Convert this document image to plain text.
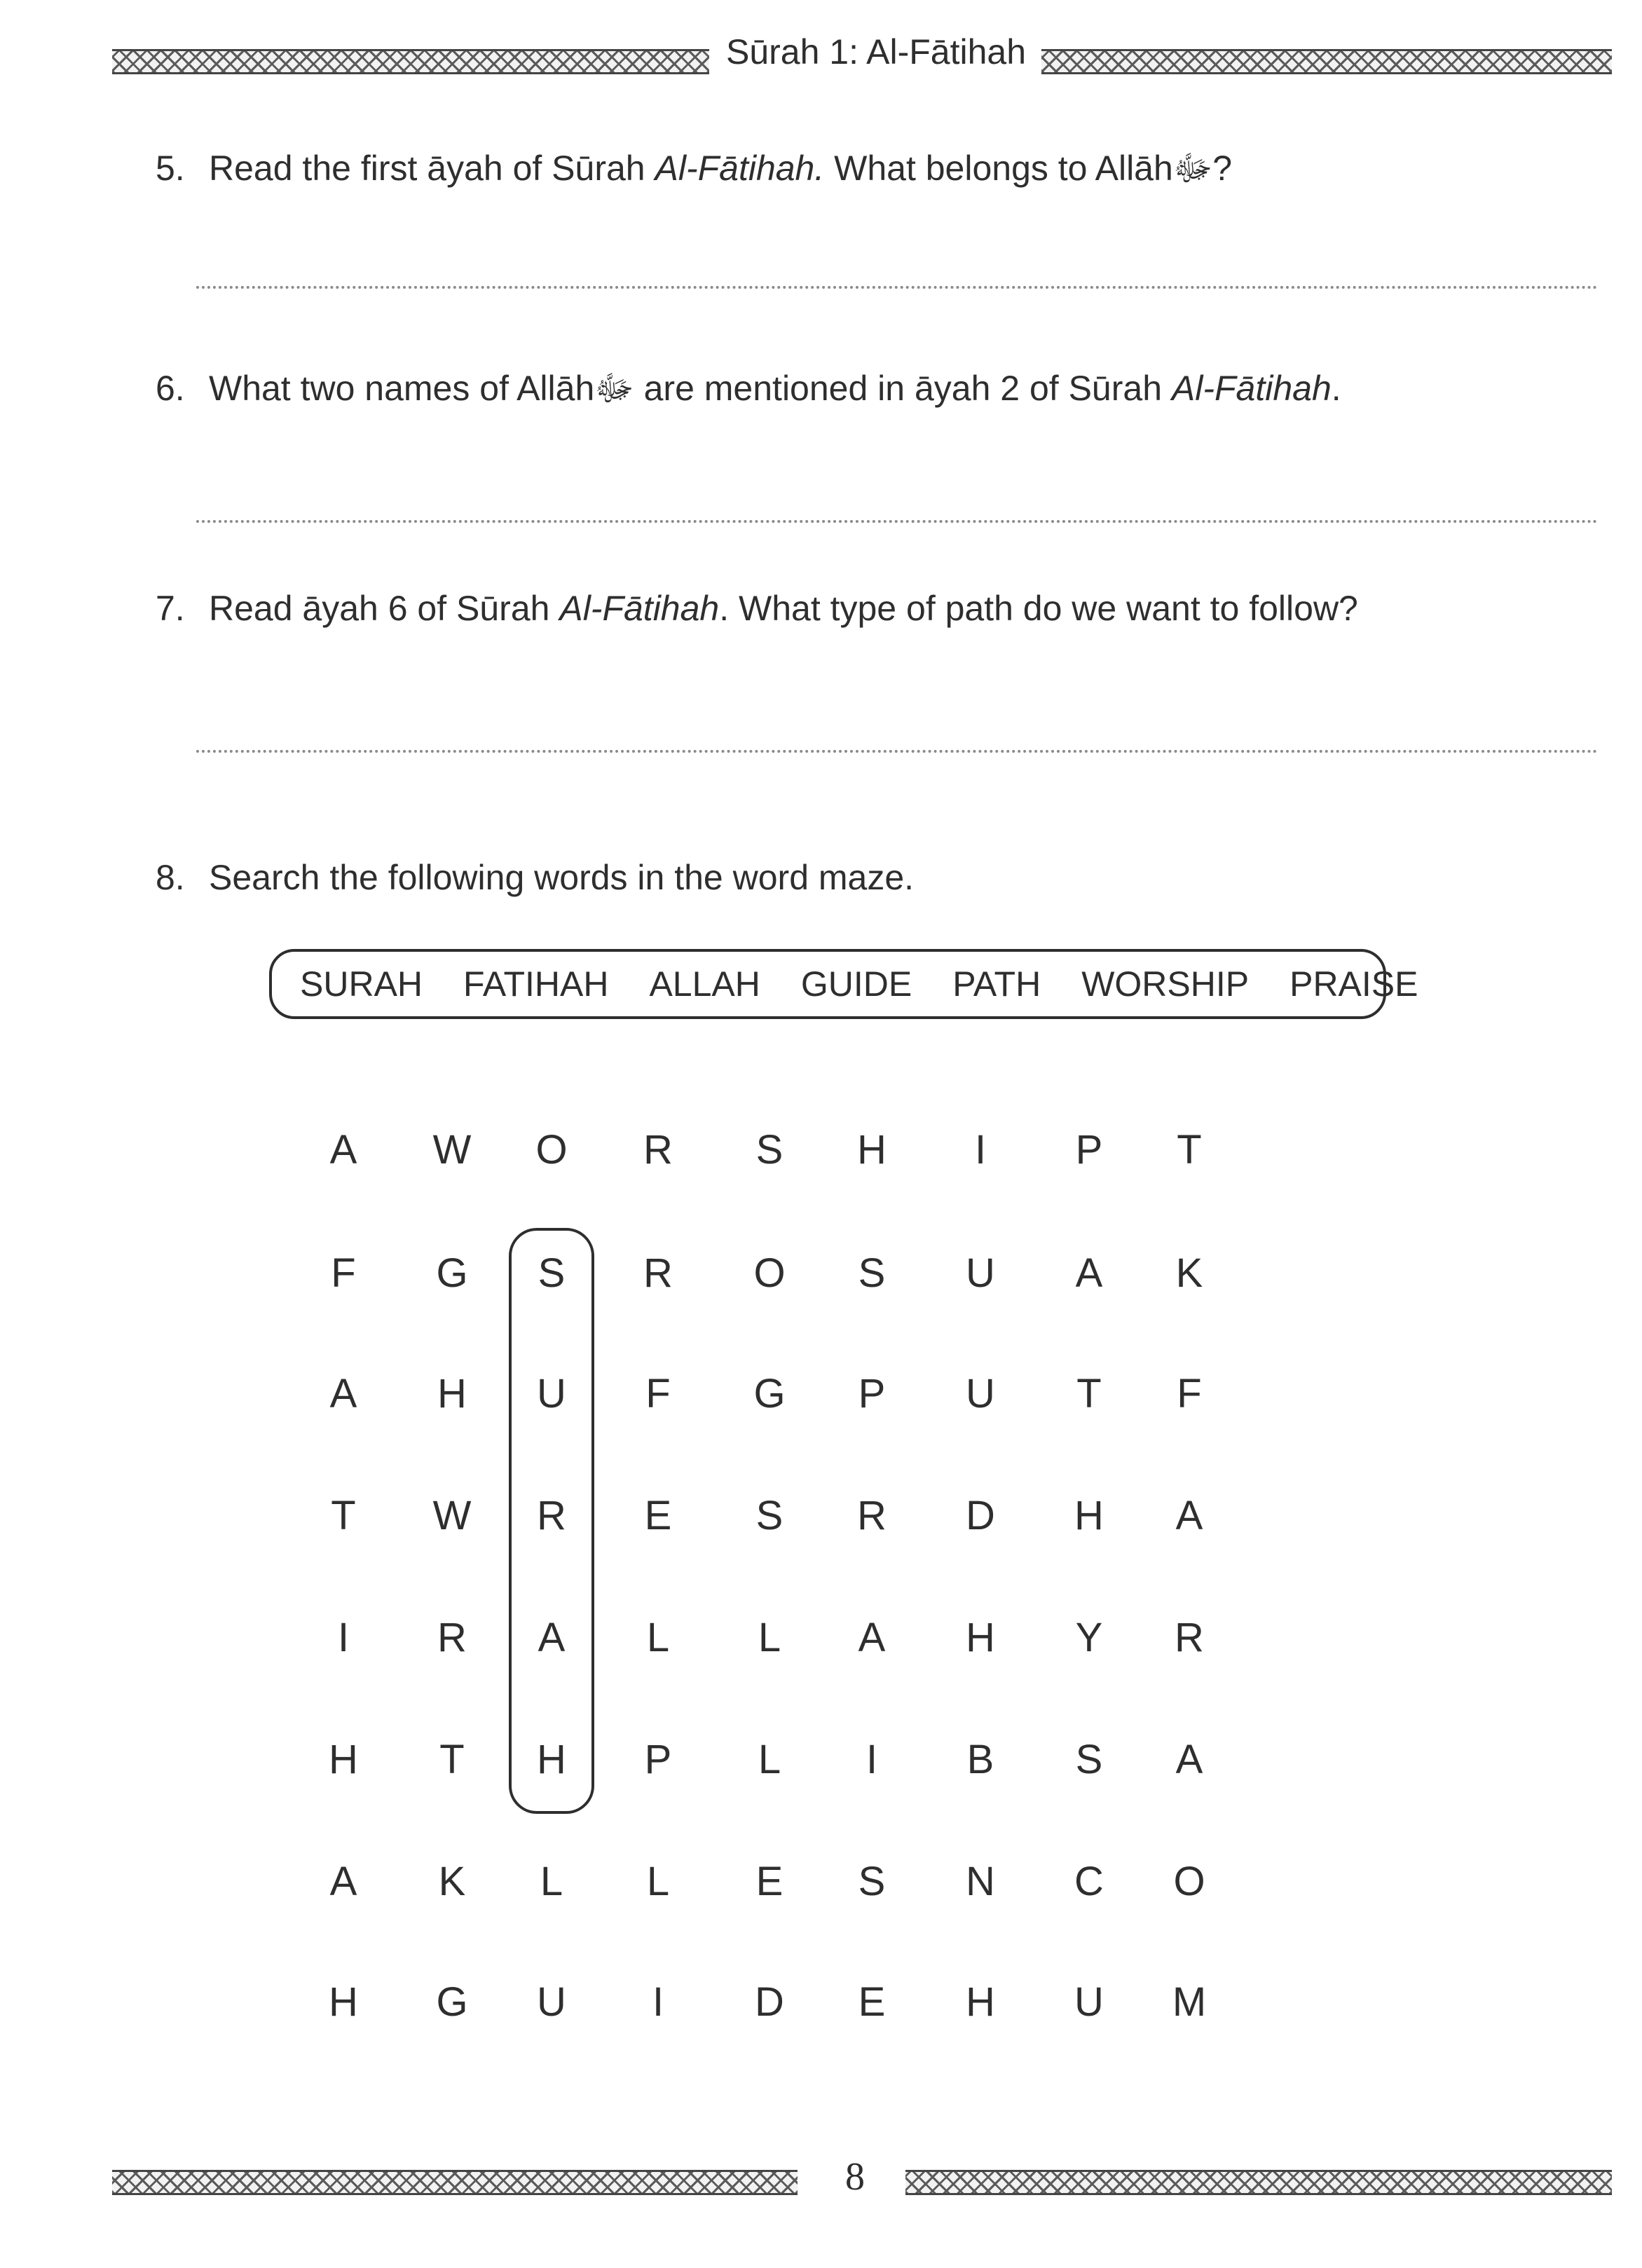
Sūrah 1: Al-Fātihah
5. Read the first āyah of Sūrah Al-Fātihah. What belongs to Allāhﷻ?
6. What two names of Allāhﷻ are mentioned in āyah 2 of Sūrah Al-Fātihah.
7. Read āyah 6 of Sūrah Al-Fātihah. What type of path do we want to follow?
8. Search the following words in the word maze.
SURAH FATIHAH ALLAH GUIDE PATH WORSHIP PRAISE
A	W	O	R	S	H	I	P	T
F	G	S	R	O	S	U	A	K
A	H	U	F	G	P	U	T	F
T	W	R	E	S	R	D	H	A
I	R	A	L	L	A	H	Y	R
H	T	H	P	L	I	B	S	A
A	K	L	L	E	S	N	C	O
H	G	U	I	D	E	H	U	M
8
